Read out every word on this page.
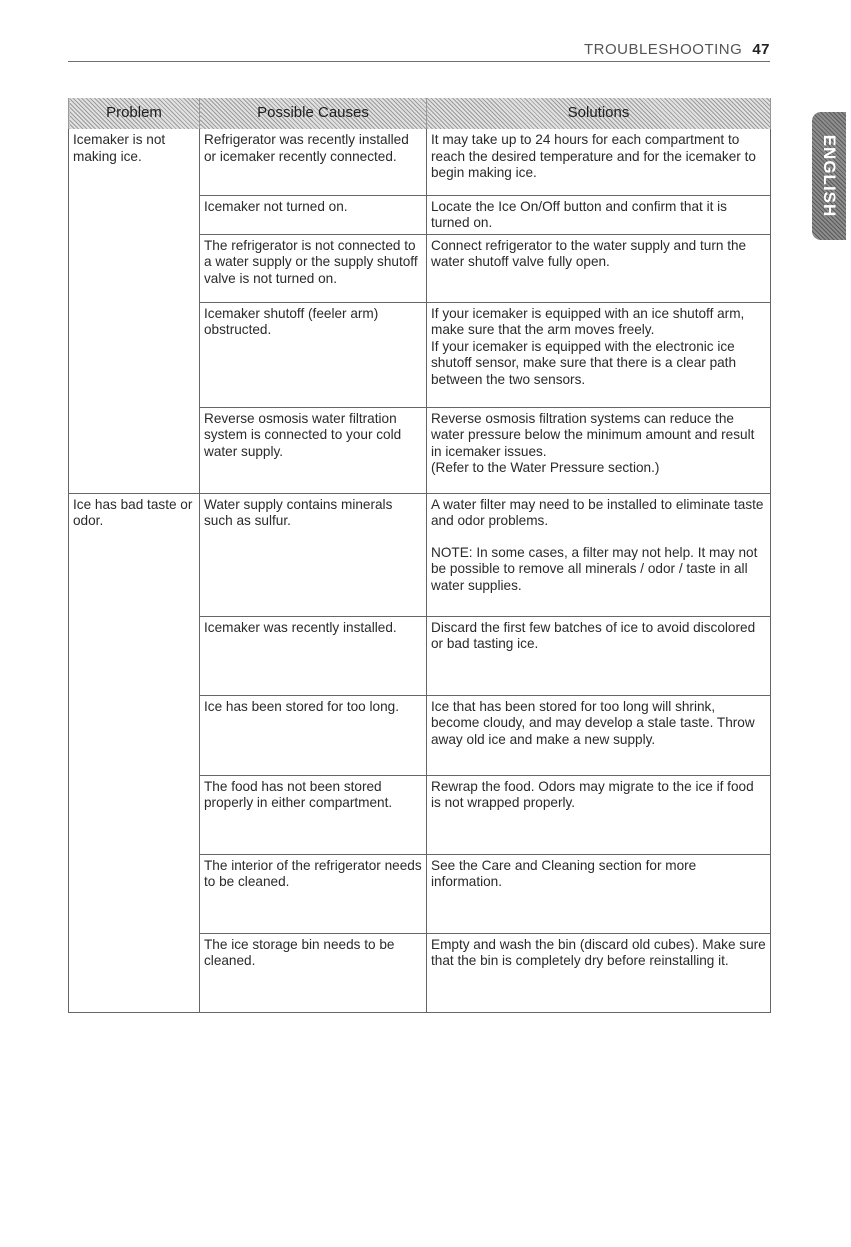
TROUBLESHOOTING 47
ENGLISH
Problem	Possible Causes	Solutions
Icemaker is not making ice.	Refrigerator was recently installed or icemaker recently connected.	It may take up to 24 hours for each compartment to reach the desired temperature and for the icemaker to begin making ice.

	Icemaker not turned on.	Locate the Ice On/Off button and confirm that it is turned on.

	The refrigerator is not connected to a water supply or the supply shutoff valve is not turned on.	Connect refrigerator to the water supply and turn the water shutoff valve fully open.

	Icemaker shutoff (feeler arm) obstructed.	If your icemaker is equipped with an ice shutoff arm, make sure that the arm moves freely.

If your icemaker is equipped with the electronic ice shutoff sensor, make sure that there is a clear path between the two sensors.

	Reverse osmosis water filtration system is connected to your cold water supply.	Reverse osmosis filtration systems can reduce the water pressure below the minimum amount and result in icemaker issues.

(Refer to the Water Pressure section.)

Ice has bad taste or odor.	Water supply contains minerals such as sulfur.	A water filter may need to be installed to eliminate taste and odor problems.

NOTE: In some cases, a filter may not help. It may not be possible to remove all minerals / odor / taste in all water supplies.

	Icemaker was recently installed.	Discard the first few batches of ice to avoid discolored or bad tasting ice.

	Ice has been stored for too long.	Ice that has been stored for too long will shrink, become cloudy, and may develop a stale taste. Throw away old ice and make a new supply.

	The food has not been stored properly in either compartment.	Rewrap the food. Odors may migrate to the ice if food is not wrapped properly.

	The interior of the refrigerator needs to be cleaned.	See the Care and Cleaning section for more information.

	The ice storage bin needs to be cleaned.	Empty and wash the bin (discard old cubes). Make sure that the bin is completely dry before reinstalling it.
